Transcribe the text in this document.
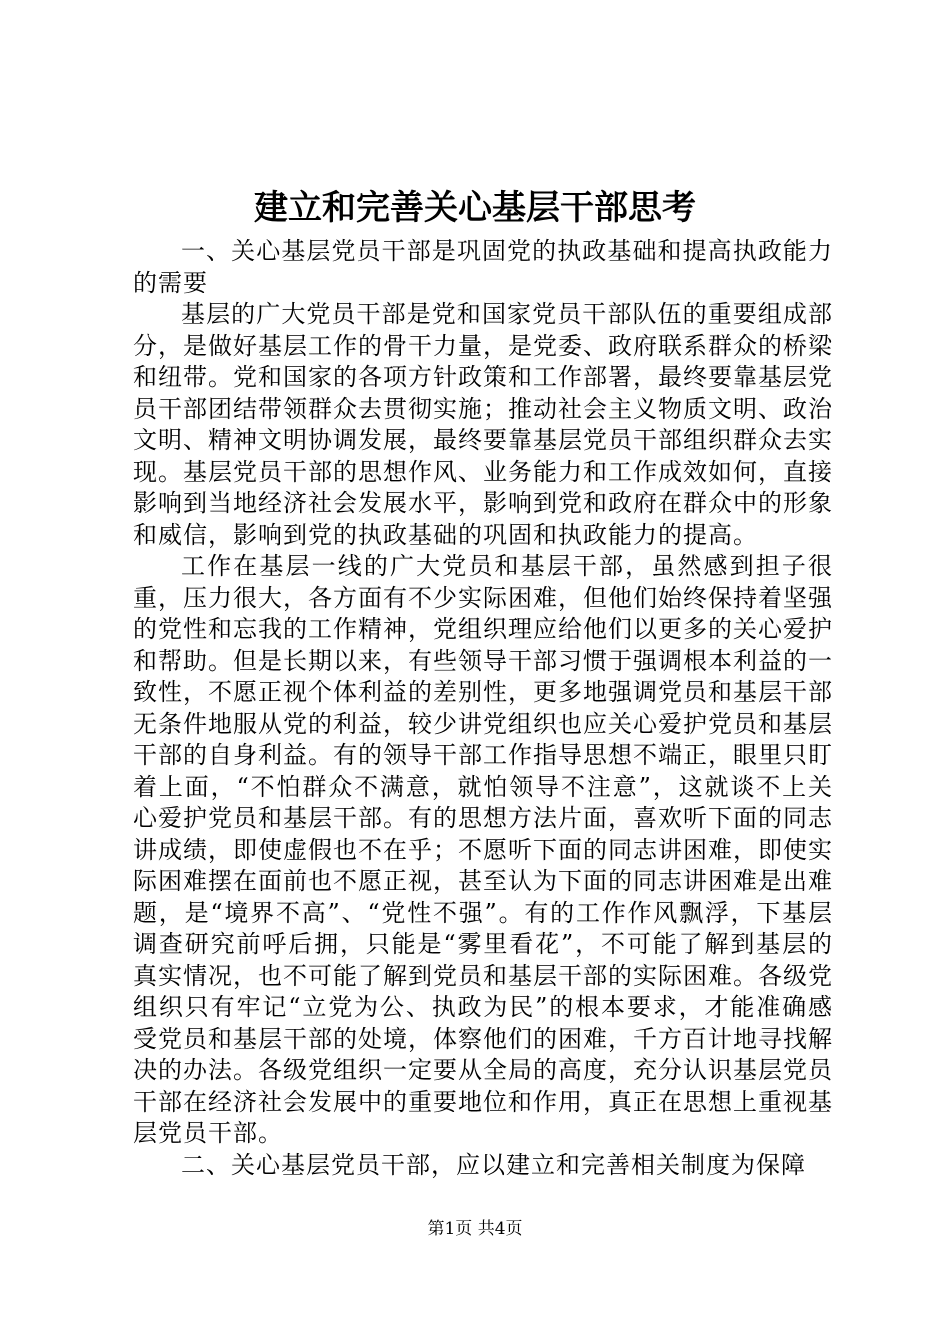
建立和完善关心基层干部思考

一、关心基层党员干部是巩固党的执政基础和提高执政能力的需要

基层的广大党员干部是党和国家党员干部队伍的重要组成部分，是做好基层工作的骨干力量，是党委、政府联系群众的桥梁和纽带。党和国家的各项方针政策和工作部署，最终要靠基层党员干部团结带领群众去贯彻实施；推动社会主义物质文明、政治文明、精神文明协调发展，最终要靠基层党员干部组织群众去实现。基层党员干部的思想作风、业务能力和工作成效如何，直接影响到当地经济社会发展水平，影响到党和政府在群众中的形象和威信，影响到党的执政基础的巩固和执政能力的提高。

工作在基层一线的广大党员和基层干部，虽然感到担子很重，压力很大，各方面有不少实际困难，但他们始终保持着坚强的党性和忘我的工作精神，党组织理应给他们以更多的关心爱护和帮助。但是长期以来，有些领导干部习惯于强调根本利益的一致性，不愿正视个体利益的差别性，更多地强调党员和基层干部无条件地服从党的利益，较少讲党组织也应关心爱护党员和基层干部的自身利益。有的领导干部工作指导思想不端正，眼里只盯着上面，“不怕群众不满意，就怕领导不注意”，这就谈不上关心爱护党员和基层干部。有的思想方法片面，喜欢听下面的同志讲成绩，即使虚假也不在乎；不愿听下面的同志讲困难，即使实际困难摆在面前也不愿正视，甚至认为下面的同志讲困难是出难题，是“境界不高”、“党性不强”。有的工作作风飘浮，下基层调查研究前呼后拥，只能是“雾里看花”，不可能了解到基层的真实情况，也不可能了解到党员和基层干部的实际困难。各级党组织只有牢记“立党为公、执政为民”的根本要求，才能准确感受党员和基层干部的处境，体察他们的困难，千方百计地寻找解决的办法。各级党组织一定要从全局的高度，充分认识基层党员干部在经济社会发展中的重要地位和作用，真正在思想上重视基层党员干部。

二、关心基层党员干部，应以建立和完善相关制度为保障

第1页 共4页
